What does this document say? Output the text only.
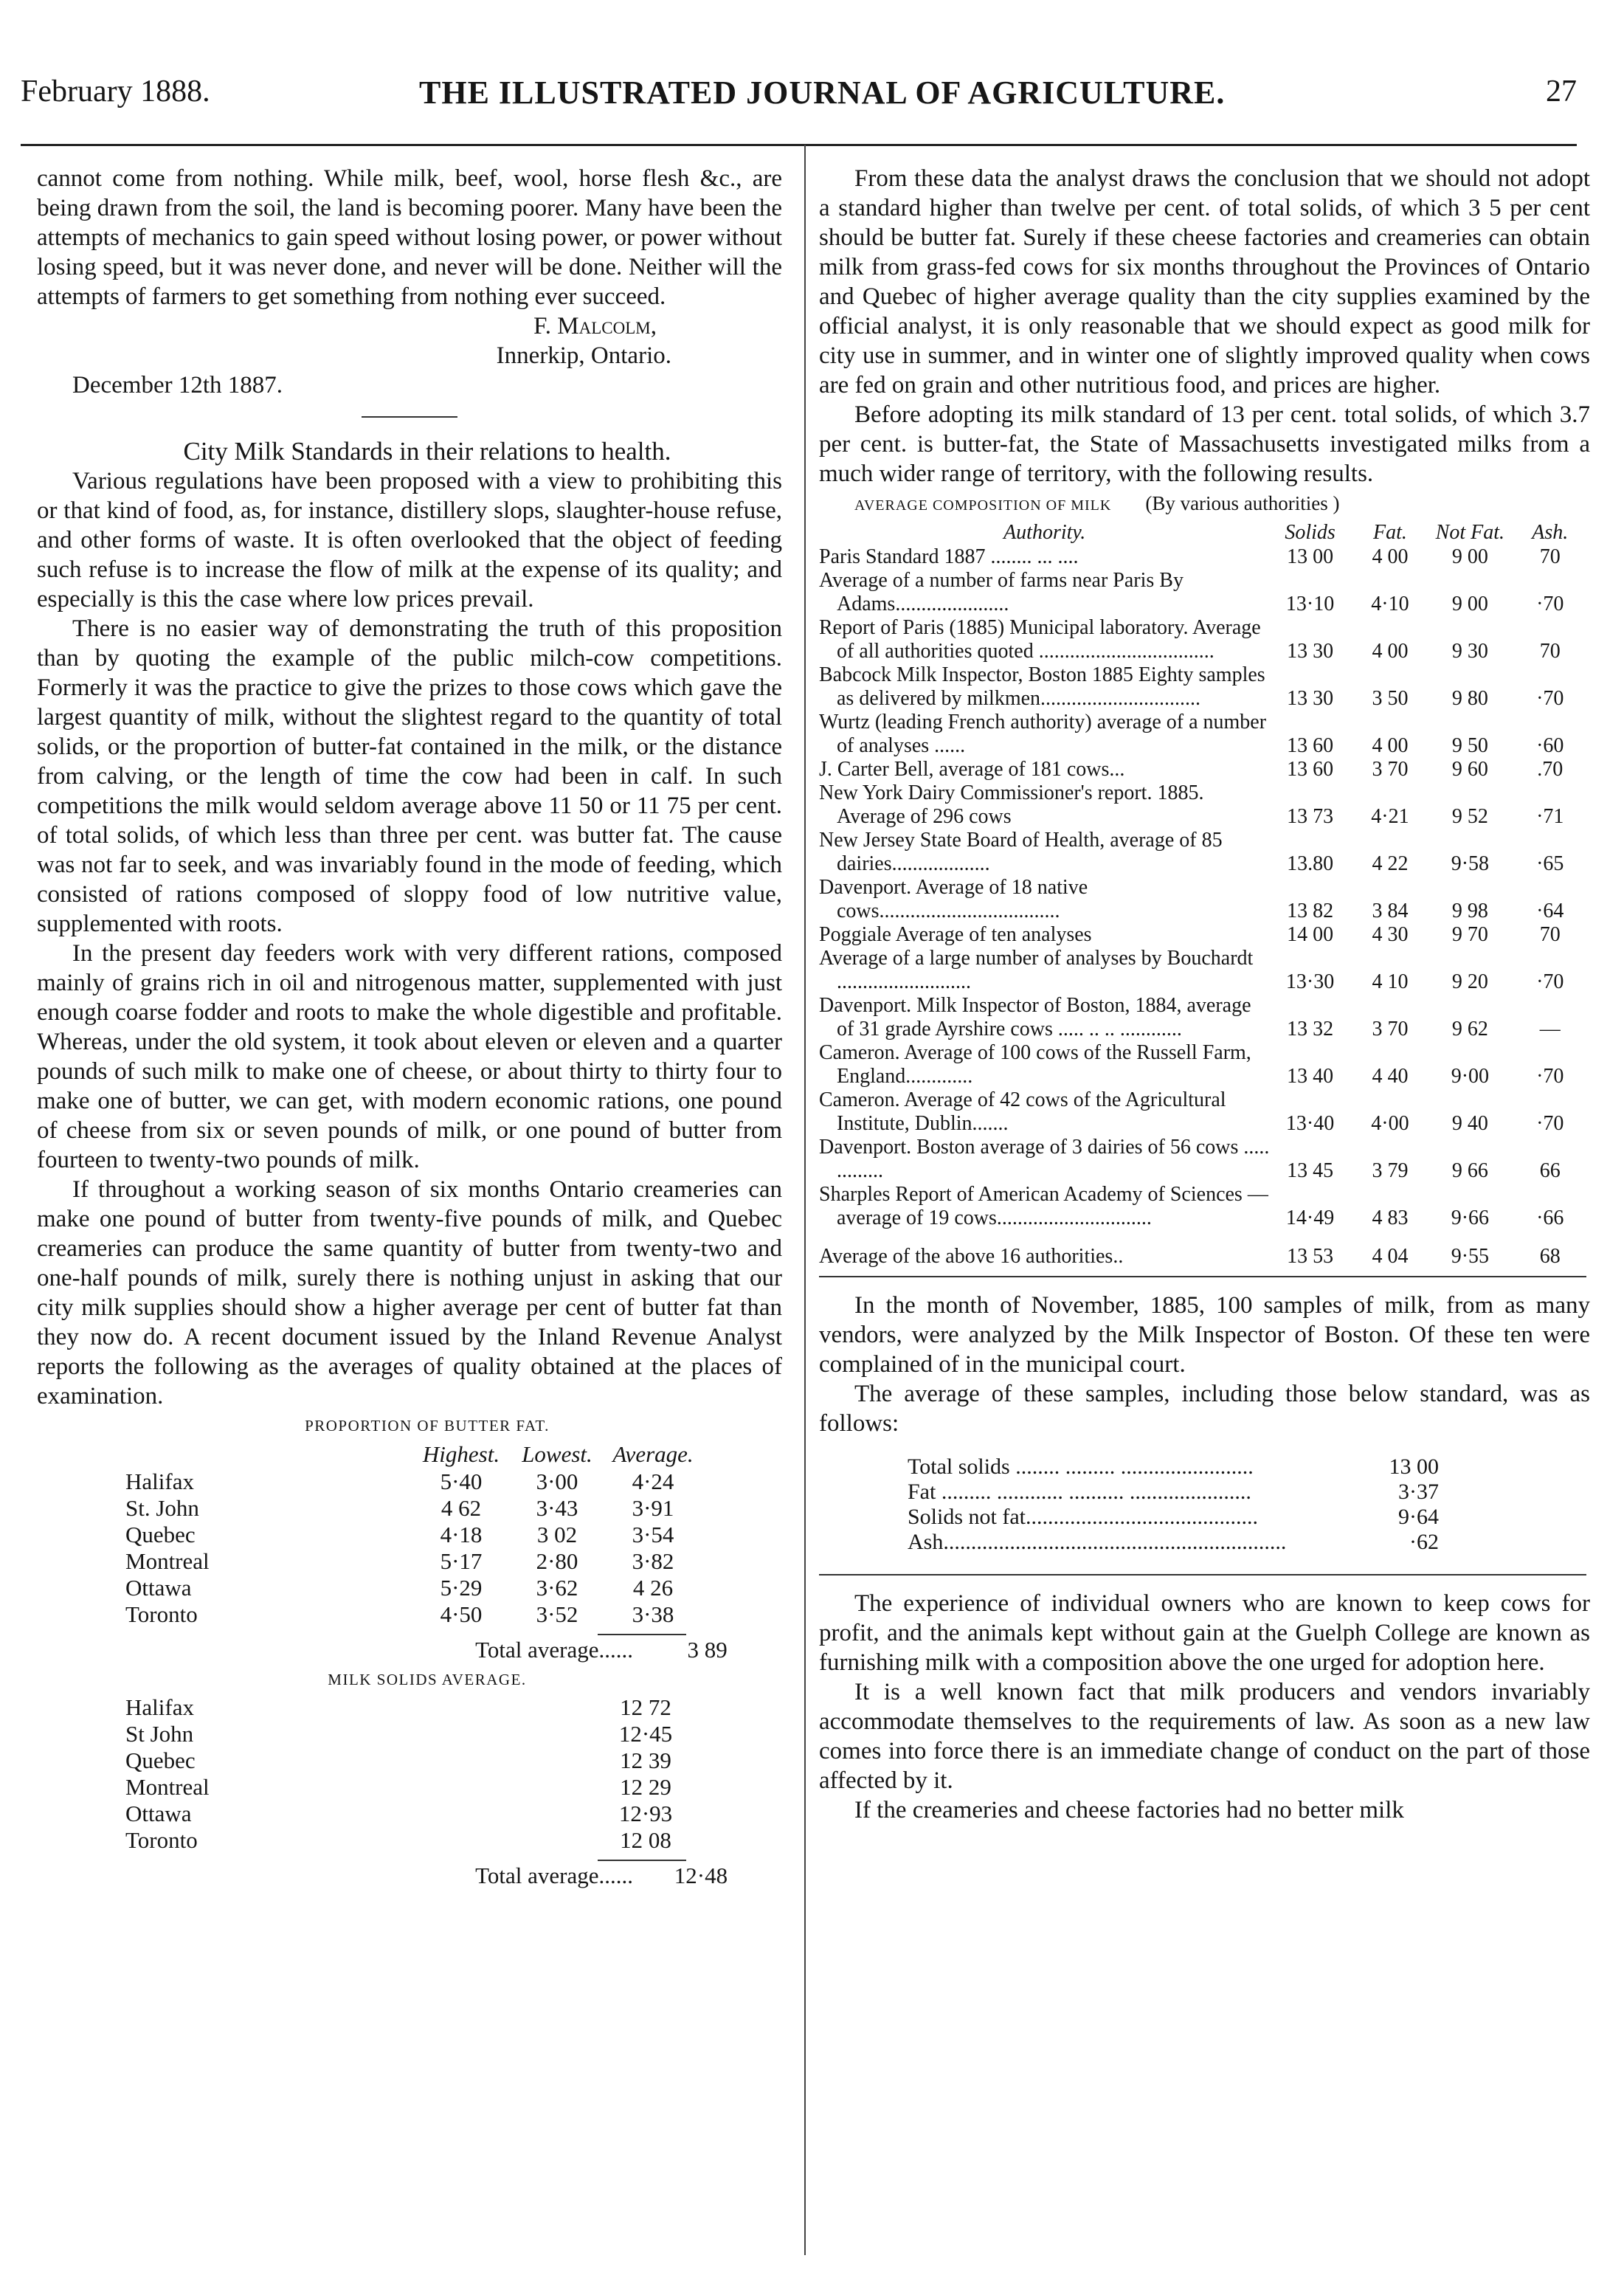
February 1888.	THE ILLUSTRATED JOURNAL OF AGRICULTURE.	27

cannot come from nothing. While milk, beef, wool, horse flesh &c., are being drawn from the soil, the land is becoming poorer. Many have been the attempts of mechanics to gain speed without losing power, or power without losing speed, but it was never done, and never will be done. Neither will the attempts of farmers to get something from nothing ever succeed.

F. Malcolm,
Innerkip, Ontario.

December 12th 1887.

City Milk Standards in their relations to health.

Various regulations have been proposed with a view to prohibiting this or that kind of food, as, for instance, distillery slops, slaughter-house refuse, and other forms of waste. It is often overlooked that the object of feeding such refuse is to increase the flow of milk at the expense of its quality; and especially is this the case where low prices prevail.

There is no easier way of demonstrating the truth of this proposition than by quoting the example of the public milch-cow competitions. Formerly it was the practice to give the prizes to those cows which gave the largest quantity of milk, without the slightest regard to the quantity of total solids, or the proportion of butter-fat contained in the milk, or the distance from calving, or the length of time the cow had been in calf. In such competitions the milk would seldom average above 11 50 or 11 75 per cent. of total solids, of which less than three per cent. was butter fat. The cause was not far to seek, and was invariably found in the mode of feeding, which consisted of rations composed of sloppy food of low nutritive value, supplemented with roots.

In the present day feeders work with very different rations, composed mainly of grains rich in oil and nitrogenous matter, supplemented with just enough coarse fodder and roots to make the whole digestible and profitable. Whereas, under the old system, it took about eleven or eleven and a quarter pounds of such milk to make one of cheese, or about thirty to thirty four to make one of butter, we can get, with modern economic rations, one pound of cheese from six or seven pounds of milk, or one pound of butter from fourteen to twenty-two pounds of milk.

If throughout a working season of six months Ontario creameries can make one pound of butter from twenty-five pounds of milk, and Quebec creameries can produce the same quantity of butter from twenty-two and one-half pounds of milk, surely there is nothing unjust in asking that our city milk supplies should show a higher average per cent of butter fat than they now do. A recent document issued by the Inland Revenue Analyst reports the following as the averages of quality obtained at the places of examination.

PROPORTION OF BUTTER FAT.

	Highest.	Lowest.	Average.
Halifax	5·40	3·00	4·24
St. John	4 62	3·43	3·91
Quebec	4·18	3 02	3·54
Montreal	5·17	2·80	3·82
Ottawa	5·29	3·62	4 26
Toronto	4·50	3·52	3·38

Total average...... 3 89

MILK SOLIDS AVERAGE.

Halifax	12 72
St John	12·45
Quebec	12 39
Montreal	12 29
Ottawa	12·93
Toronto	12 08

Total average...... 12·48

From these data the analyst draws the conclusion that we should not adopt a standard higher than twelve per cent. of total solids, of which 3 5 per cent should be butter fat. Surely if these cheese factories and creameries can obtain milk from grass-fed cows for six months throughout the Provinces of Ontario and Quebec of higher average quality than the city supplies examined by the official analyst, it is only reasonable that we should expect as good milk for city use in summer, and in winter one of slightly improved quality when cows are fed on grain and other nutritious food, and prices are higher.

Before adopting its milk standard of 13 per cent. total solids, of which 3.7 per cent. is butter-fat, the State of Massachusetts investigated milks from a much wider range of territory, with the following results.

AVERAGE COMPOSITION OF MILK (By various authorities )

Authority.	Solids	Fat.	Not Fat.	Ash.
Paris Standard 1887 ........ ... ....	13 00	4 00	9 00	70
Average of a number of farms near Paris By Adams......................	13·10	4·10	9 00	·70
Report of Paris (1885) Municipal laboratory. Average of all authorities quoted ..................................	13 30	4 00	9 30	70
Babcock Milk Inspector, Boston 1885 Eighty samples as delivered by milkmen...............................	13 30	3 50	9 80	·70
Wurtz (leading French authority) average of a number of analyses ......	13 60	4 00	9 50	·60
J. Carter Bell, average of 181 cows...	13 60	3 70	9 60	.70
New York Dairy Commissioner's report. 1885. Average of 296 cows	13 73	4·21	9 52	·71
New Jersey State Board of Health, average of 85 dairies...................	13.80	4 22	9·58	·65
Davenport. Average of 18 native cows...................................	13 82	3 84	9 98	·64
Poggiale Average of ten analyses	14 00	4 30	9 70	70
Average of a large number of analyses by Bouchardt ..........................	13·30	4 10	9 20	·70
Davenport. Milk Inspector of Boston, 1884, average of 31 grade Ayrshire cows ..... .. .. ............	13 32	3 70	9 62	—
Cameron. Average of 100 cows of the Russell Farm, England.............	13 40	4 40	9·00	·70
Cameron. Average of 42 cows of the Agricultural Institute, Dublin.......	13·40	4·00	9 40	·70
Davenport. Boston average of 3 dairies of 56 cows ..... .........	13 45	3 79	9 66	66
Sharples Report of American Academy of Sciences — average of 19 cows..............................	14·49	4 83	9·66	·66
Average of the above 16 authorities..	13 53	4 04	9·55	68

In the month of November, 1885, 100 samples of milk, from as many vendors, were analyzed by the Milk Inspector of Boston. Of these ten were complained of in the municipal court.

The average of these samples, including those below standard, was as follows:

Total solids ........ ......... ........................	13 00
Fat ......... ............ .......... ......................	3·37
Solids not fat..........................................	9·64
Ash..............................................................	·62

The experience of individual owners who are known to keep cows for profit, and the animals kept without gain at the Guelph College are known as furnishing milk with a composition above the one urged for adoption here.

It is a well known fact that milk producers and vendors invariably accommodate themselves to the requirements of law. As soon as a new law comes into force there is an immediate change of conduct on the part of those affected by it.

If the creameries and cheese factories had no better milk
